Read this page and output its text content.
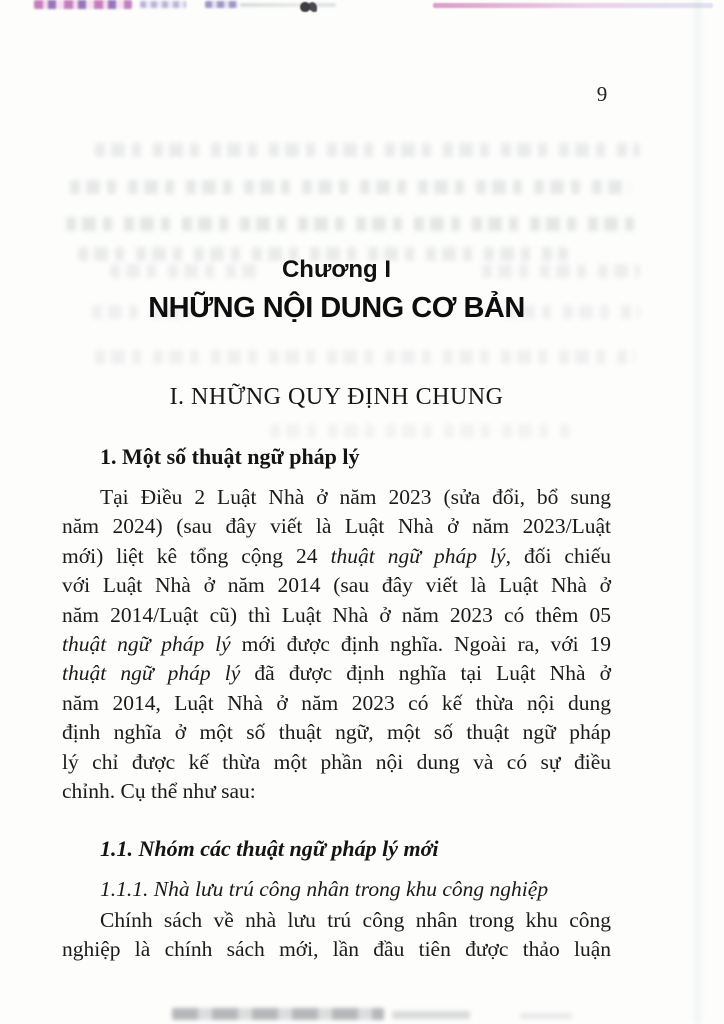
9
Chương I
NHỮNG NỘI DUNG CƠ BẢN
I. NHỮNG QUY ĐỊNH CHUNG
1. Một số thuật ngữ pháp lý
Tại Điều 2 Luật Nhà ở năm 2023 (sửa đổi, bổ sung
năm 2024) (sau đây viết là Luật Nhà ở năm 2023/Luật
mới) liệt kê tổng cộng 24 thuật ngữ pháp lý, đối chiếu
với Luật Nhà ở năm 2014 (sau đây viết là Luật Nhà ở
năm 2014/Luật cũ) thì Luật Nhà ở năm 2023 có thêm 05
thuật ngữ pháp lý mới được định nghĩa. Ngoài ra, với 19
thuật ngữ pháp lý đã được định nghĩa tại Luật Nhà ở
năm 2014, Luật Nhà ở năm 2023 có kế thừa nội dung
định nghĩa ở một số thuật ngữ, một số thuật ngữ pháp
lý chỉ được kế thừa một phần nội dung và có sự điều
chỉnh. Cụ thể như sau:
1.1. Nhóm các thuật ngữ pháp lý mới
1.1.1. Nhà lưu trú công nhân trong khu công nghiệp
Chính sách về nhà lưu trú công nhân trong khu công
nghiệp là chính sách mới, lần đầu tiên được thảo luận
